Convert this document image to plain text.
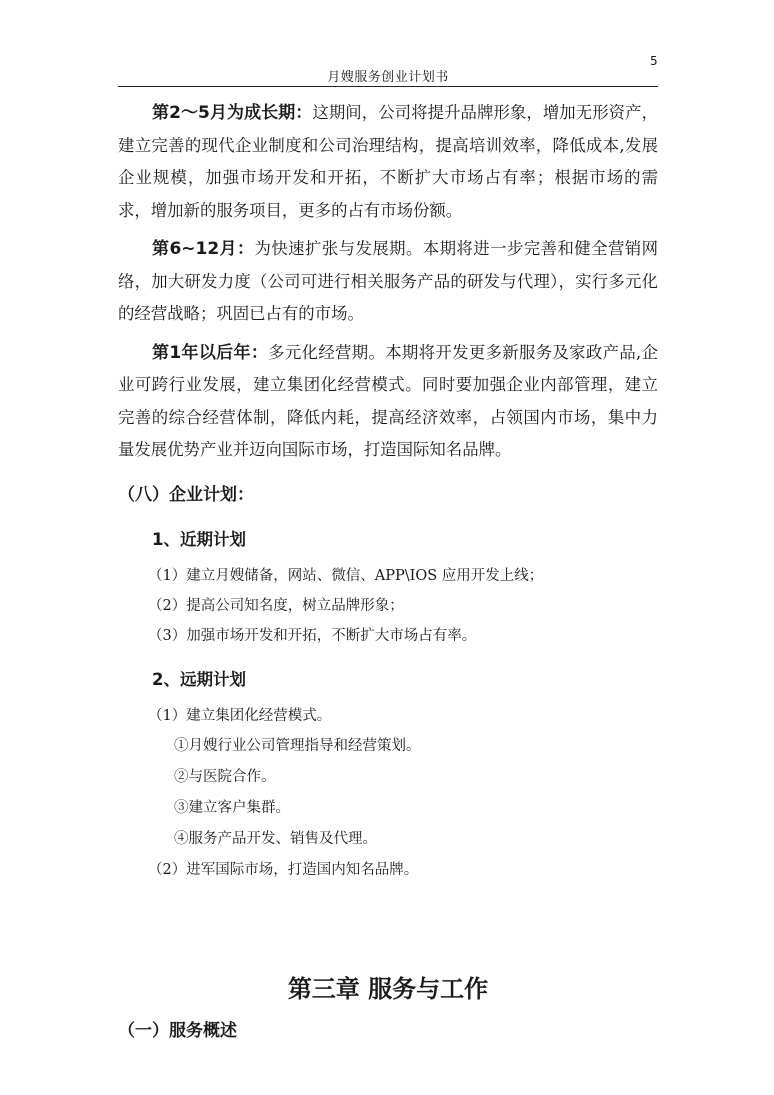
5
月嫂服务创业计划书

第2～5月为成长期：这期间，公司将提升品牌形象，增加无形资产，建立完善的现代企业制度和公司治理结构，提高培训效率，降低成本,发展企业规模，加强市场开发和开拓，不断扩大市场占有率；根据市场的需求，增加新的服务项目，更多的占有市场份额。

第6~12月：为快速扩张与发展期。本期将进一步完善和健全营销网络，加大研发力度（公司可进行相关服务产品的研发与代理），实行多元化的经营战略；巩固已占有的市场。

第1年以后年：多元化经营期。本期将开发更多新服务及家政产品,企业可跨行业发展，建立集团化经营模式。同时要加强企业内部管理，建立完善的综合经营体制，降低内耗，提高经济效率，占领国内市场，集中力量发展优势产业并迈向国际市场，打造国际知名品牌。

（八）企业计划：
1、近期计划
（1）建立月嫂储备，网站、微信、APP\IOS 应用开发上线；
（2）提高公司知名度，树立品牌形象；
（3）加强市场开发和开拓，不断扩大市场占有率。
2、远期计划
（1）建立集团化经营模式。
①月嫂行业公司管理指导和经营策划。
②与医院合作。
③建立客户集群。
④服务产品开发、销售及代理。
（2）进军国际市场，打造国内知名品牌。
第三章 服务与工作
（一）服务概述
